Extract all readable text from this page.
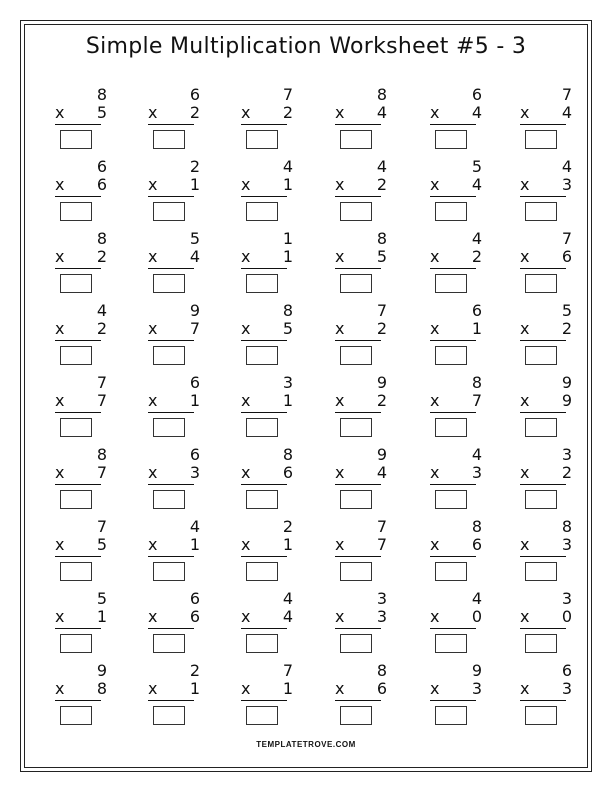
Simple Multiplication Worksheet #5 - 3
8
x 5
6
x 2
7
x 2
8
x 4
6
x 4
7
x 4
6
x 6
2
x 1
4
x 1
4
x 2
5
x 4
4
x 3
8
x 2
5
x 4
1
x 1
8
x 5
4
x 2
7
x 6
4
x 2
9
x 7
8
x 5
7
x 2
6
x 1
5
x 2
7
x 7
6
x 1
3
x 1
9
x 2
8
x 7
9
x 9
8
x 7
6
x 3
8
x 6
9
x 4
4
x 3
3
x 2
7
x 5
4
x 1
2
x 1
7
x 7
8
x 6
8
x 3
5
x 1
6
x 6
4
x 4
3
x 3
4
x 0
3
x 0
9
x 8
2
x 1
7
x 1
8
x 6
9
x 3
6
x 3
TEMPLATETROVE.COM
